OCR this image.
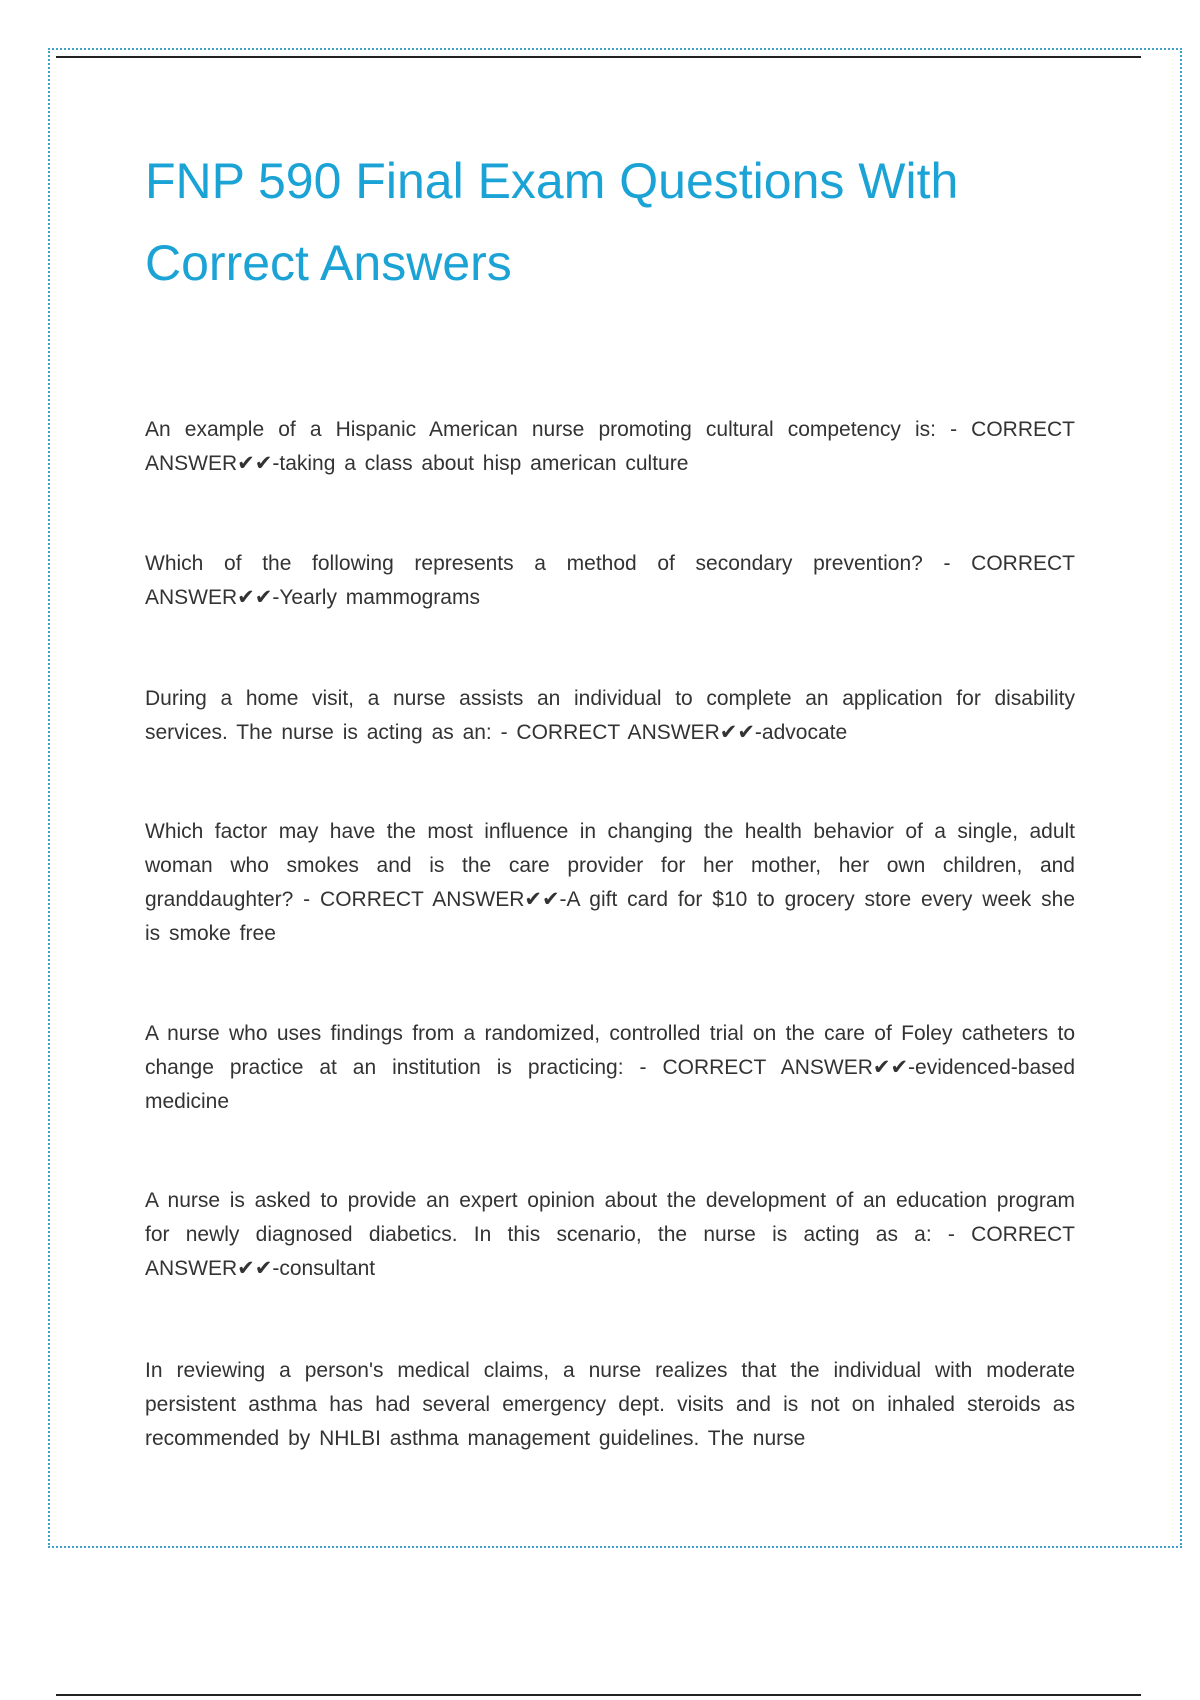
FNP 590 Final Exam Questions With Correct Answers

An example of a Hispanic American nurse promoting cultural competency is: - CORRECT ANSWER✔✔-taking a class about hisp american culture

Which of the following represents a method of secondary prevention? - CORRECT ANSWER✔✔-Yearly mammograms

During a home visit, a nurse assists an individual to complete an application for disability services. The nurse is acting as an: - CORRECT ANSWER✔✔-advocate

Which factor may have the most influence in changing the health behavior of a single, adult woman who smokes and is the care provider for her mother, her own children, and granddaughter? - CORRECT ANSWER✔✔-A gift card for $10 to grocery store every week she is smoke free

A nurse who uses findings from a randomized, controlled trial on the care of Foley catheters to change practice at an institution is practicing: - CORRECT ANSWER✔✔-evidenced-based medicine

A nurse is asked to provide an expert opinion about the development of an education program for newly diagnosed diabetics. In this scenario, the nurse is acting as a: - CORRECT ANSWER✔✔-consultant

In reviewing a person's medical claims, a nurse realizes that the individual with moderate persistent asthma has had several emergency dept. visits and is not on inhaled steroids as recommended by NHLBI asthma management guidelines. The nurse
